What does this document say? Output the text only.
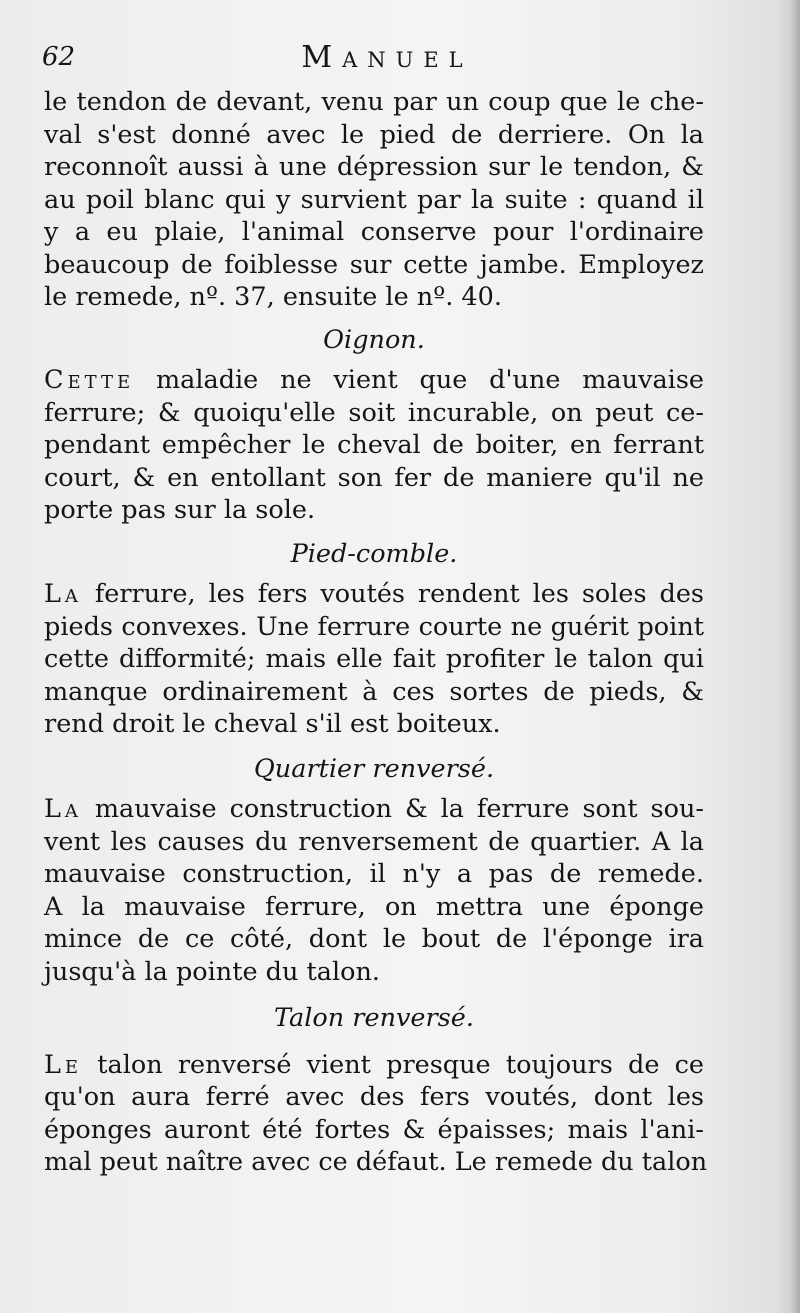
62	Manuel
le tendon de devant, venu par un coup que le che-
val s'est donné avec le pied de derriere. On la
reconnoît aussi à une dépression sur le tendon, &
au poil blanc qui y survient par la suite : quand il
y a eu plaie, l'animal conserve pour l'ordinaire
beaucoup de foiblesse sur cette jambe. Employez
le remede, nº. 37, ensuite le nº. 40.
Oignon.
Cette maladie ne vient que d'une mauvaise
ferrure; & quoiqu'elle soit incurable, on peut ce-
pendant empêcher le cheval de boiter, en ferrant
court, & en entollant son fer de maniere qu'il ne
porte pas sur la sole.
Pied-comble.
La ferrure, les fers voutés rendent les soles des
pieds convexes. Une ferrure courte ne guérit point
cette difformité; mais elle fait profiter le talon qui
manque ordinairement à ces sortes de pieds, &
rend droit le cheval s'il est boiteux.
Quartier renversé.
La mauvaise construction & la ferrure sont sou-
vent les causes du renversement de quartier. A la
mauvaise construction, il n'y a pas de remede.
A la mauvaise ferrure, on mettra une éponge
mince de ce côté, dont le bout de l'éponge ira
jusqu'à la pointe du talon.
Talon renversé.
Le talon renversé vient presque toujours de ce
qu'on aura ferré avec des fers voutés, dont les
éponges auront été fortes & épaisses; mais l'ani-
mal peut naître avec ce défaut. Le remede du talon
